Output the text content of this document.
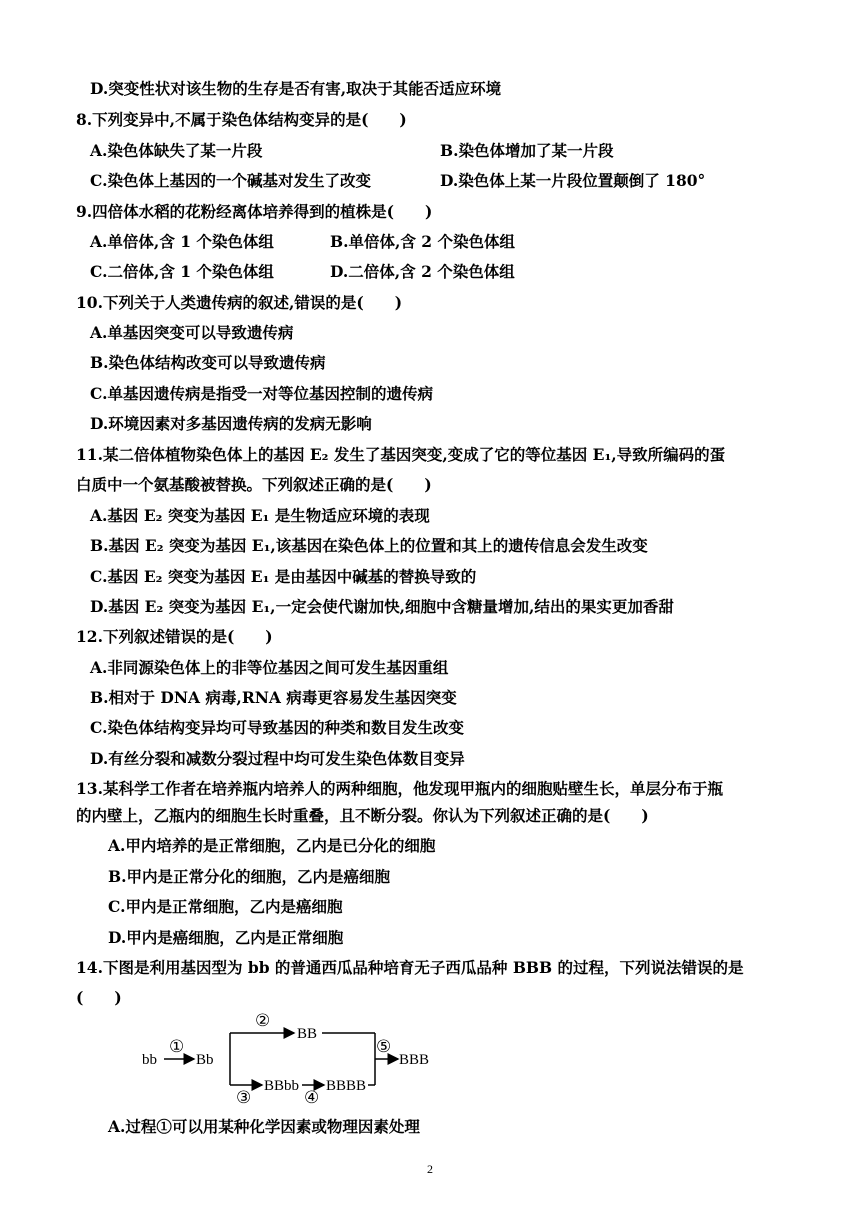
D.突变性状对该生物的生存是否有害,取决于其能否适应环境
8.下列变异中,不属于染色体结构变异的是(　　)
A.染色体缺失了某一片段	B.染色体增加了某一片段
C.染色体上基因的一个碱基对发生了改变	D.染色体上某一片段位置颠倒了 180°
9.四倍体水稻的花粉经离体培养得到的植株是(　　)
A.单倍体,含 1 个染色体组	B.单倍体,含 2 个染色体组
C.二倍体,含 1 个染色体组	D.二倍体,含 2 个染色体组
10.下列关于人类遗传病的叙述,错误的是(　　)
A.单基因突变可以导致遗传病
B.染色体结构改变可以导致遗传病
C.单基因遗传病是指受一对等位基因控制的遗传病
D.环境因素对多基因遗传病的发病无影响
11.某二倍体植物染色体上的基因 E₂ 发生了基因突变,变成了它的等位基因 E₁,导致所编码的蛋
白质中一个氨基酸被替换。下列叙述正确的是(　　)
A.基因 E₂ 突变为基因 E₁ 是生物适应环境的表现
B.基因 E₂ 突变为基因 E₁,该基因在染色体上的位置和其上的遗传信息会发生改变
C.基因 E₂ 突变为基因 E₁ 是由基因中碱基的替换导致的
D.基因 E₂ 突变为基因 E₁,一定会使代谢加快,细胞中含糖量增加,结出的果实更加香甜
12.下列叙述错误的是(　　)
A.非同源染色体上的非等位基因之间可发生基因重组
B.相对于 DNA 病毒,RNA 病毒更容易发生基因突变
C.染色体结构变异均可导致基因的种类和数目发生改变
D.有丝分裂和减数分裂过程中均可发生染色体数目变异
13.某科学工作者在培养瓶内培养人的两种细胞，他发现甲瓶内的细胞贴壁生长，单层分布于瓶
的内壁上，乙瓶内的细胞生长时重叠，且不断分裂。你认为下列叙述正确的是(　　)
A.甲内培养的是正常细胞，乙内是已分化的细胞
B.甲内是正常分化的细胞，乙内是癌细胞
C.甲内是正常细胞，乙内是癌细胞
D.甲内是癌细胞，乙内是正常细胞
14.下图是利用基因型为 bb 的普通西瓜品种培育无子西瓜品种 BBB 的过程，下列说法错误的是
(　　)
bb
①
Bb
②
BB
③
BBbb
④
BBBB
⑤
BBB
A.过程①可以用某种化学因素或物理因素处理
2
